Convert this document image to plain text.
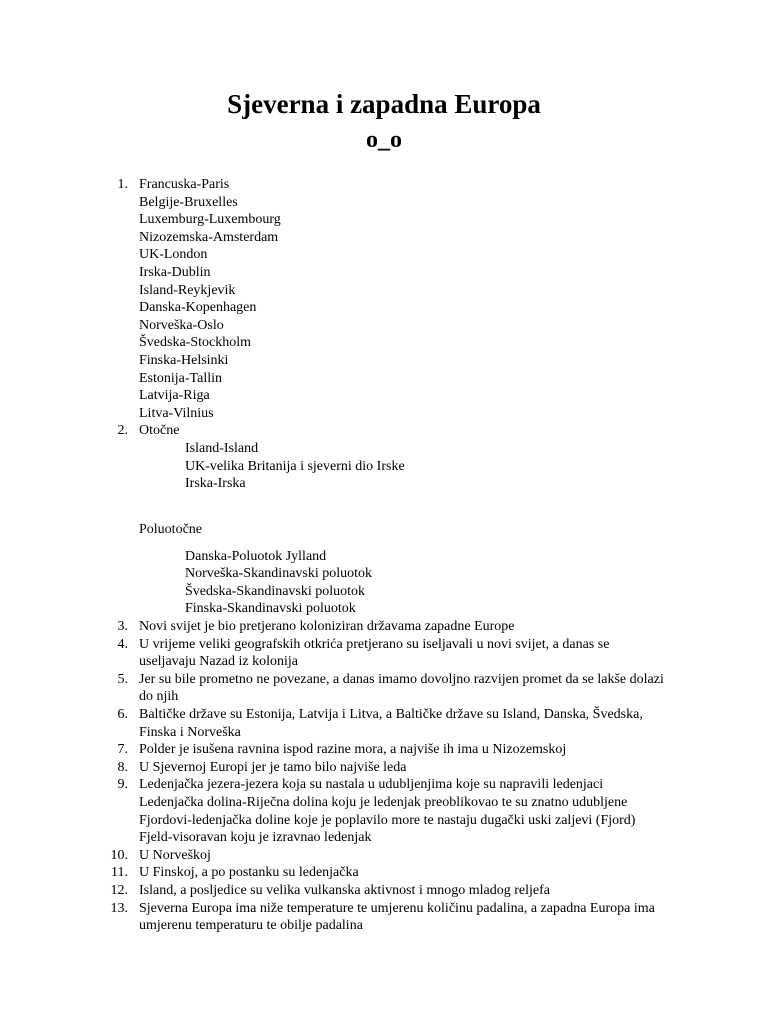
Sjeverna i zapadna Europa
o_o
1. Francuska-Paris
Belgije-Bruxelles
Luxemburg-Luxembourg
Nizozemska-Amsterdam
UK-London
Irska-Dublin
Island-Reykjevik
Danska-Kopenhagen
Norveška-Oslo
Švedska-Stockholm
Finska-Helsinki
Estonija-Tallin
Latvija-Riga
Litva-Vilnius
2. Otočne
Island-Island
UK-velika Britanija i sjeverni dio Irske
Irska-Irska
Poluotočne
Danska-Poluotok Jylland
Norveška-Skandinavski poluotok
Švedska-Skandinavski poluotok
Finska-Skandinavski poluotok
3. Novi svijet je bio pretjerano koloniziran državama zapadne Europe
4. U vrijeme veliki geografskih otkrića pretjerano su iseljavali u novi svijet, a danas se
useljavaju Nazad iz kolonija
5. Jer su bile prometno ne povezane, a danas imamo dovoljno razvijen promet da se lakše dolazi
do njih
6. Baltičke države su Estonija, Latvija i Litva, a Baltičke države su Island, Danska, Švedska,
Finska i Norveška
7. Polder je isušena ravnina ispod razine mora, a najviše ih ima u Nizozemskoj
8. U Sjevernoj Europi jer je tamo bilo najviše leda
9. Ledenjačka jezera-jezera koja su nastala u udubljenjima koje su napravili ledenjaci
Ledenjačka dolina-Riječna dolina koju je ledenjak preoblikovao te su znatno udubljene
Fjordovi-ledenjačka doline koje je poplavilo more te nastaju dugački uski zaljevi (Fjord)
Fjeld-visoravan koju je izravnao ledenjak
10. U Norveškoj
11. U Finskoj, a po postanku su ledenjačka
12. Island, a posljedice su velika vulkanska aktivnost i mnogo mladog reljefa
13. Sjeverna Europa ima niže temperature te umjerenu količinu padalina, a zapadna Europa ima
umjerenu temperaturu te obilje padalina
